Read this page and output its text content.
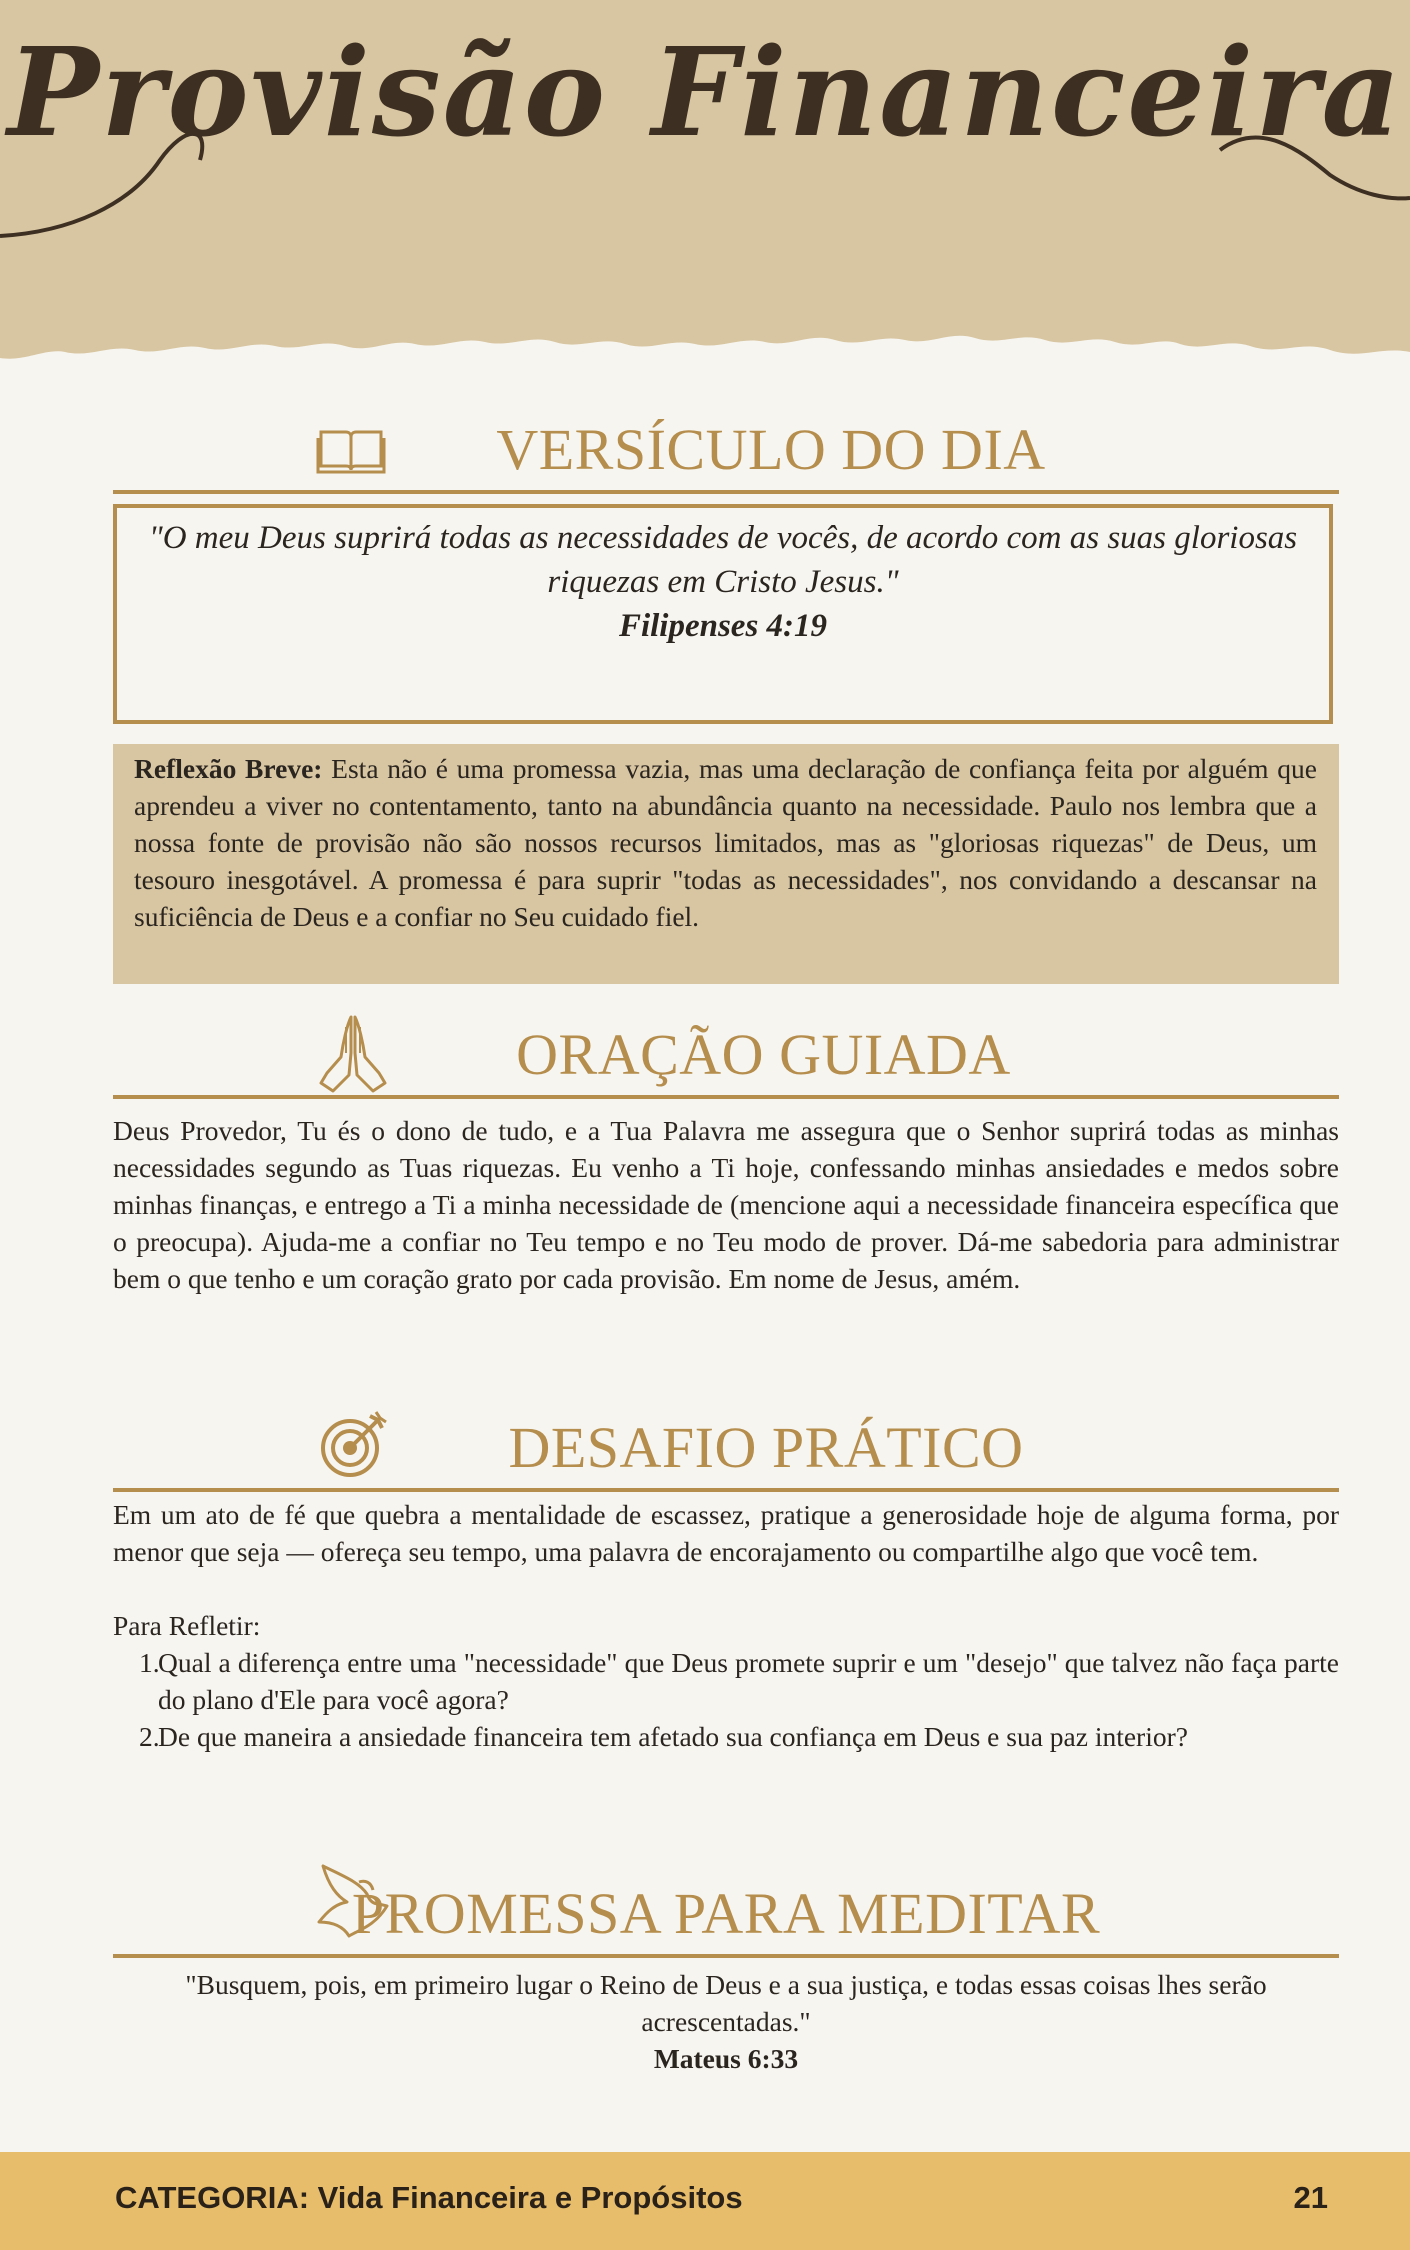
Provisão Financeira
VERSÍCULO DO DIA
"O meu Deus suprirá todas as necessidades de vocês, de acordo com as suas gloriosas riquezas em Cristo Jesus."
Filipenses 4:19
Reflexão Breve: Esta não é uma promessa vazia, mas uma declaração de confiança feita por alguém que aprendeu a viver no contentamento, tanto na abundância quanto na necessidade. Paulo nos lembra que a nossa fonte de provisão não são nossos recursos limitados, mas as "gloriosas riquezas" de Deus, um tesouro inesgotável. A promessa é para suprir "todas as necessidades", nos convidando a descansar na suficiência de Deus e a confiar no Seu cuidado fiel.
ORAÇÃO GUIADA
Deus Provedor, Tu és o dono de tudo, e a Tua Palavra me assegura que o Senhor suprirá todas as minhas necessidades segundo as Tuas riquezas. Eu venho a Ti hoje, confessando minhas ansiedades e medos sobre minhas finanças, e entrego a Ti a minha necessidade de (mencione aqui a necessidade financeira específica que o preocupa). Ajuda-me a confiar no Teu tempo e no Teu modo de prover. Dá-me sabedoria para administrar bem o que tenho e um coração grato por cada provisão. Em nome de Jesus, amém.
DESAFIO PRÁTICO
Em um ato de fé que quebra a mentalidade de escassez, pratique a generosidade hoje de alguma forma, por menor que seja — ofereça seu tempo, uma palavra de encorajamento ou compartilhe algo que você tem.
Para Refletir:
1.
Qual a diferença entre uma "necessidade" que Deus promete suprir e um "desejo" que talvez não faça parte do plano d'Ele para você agora?
2.
De que maneira a ansiedade financeira tem afetado sua confiança em Deus e sua paz interior?
PROMESSA PARA MEDITAR
"Busquem, pois, em primeiro lugar o Reino de Deus e a sua justiça, e todas essas coisas lhes serão acrescentadas."
Mateus 6:33
CATEGORIA: Vida Financeira e Propósitos	21
